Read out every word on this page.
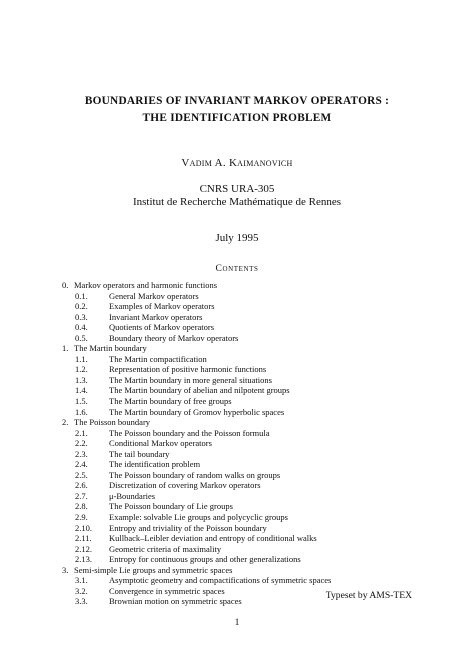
BOUNDARIES OF INVARIANT MARKOV OPERATORS :
THE IDENTIFICATION PROBLEM
Vadim A. Kaimanovich
CNRS URA-305
Institut de Recherche Mathématique de Rennes
July 1995
Contents
0. Markov operators and harmonic functions
0.1.	General Markov operators
0.2.	Examples of Markov operators
0.3.	Invariant Markov operators
0.4.	Quotients of Markov operators
0.5.	Boundary theory of Markov operators
1. The Martin boundary
1.1.	The Martin compactification
1.2.	Representation of positive harmonic functions
1.3.	The Martin boundary in more general situations
1.4.	The Martin boundary of abelian and nilpotent groups
1.5.	The Martin boundary of free groups
1.6.	The Martin boundary of Gromov hyperbolic spaces
2. The Poisson boundary
2.1.	The Poisson boundary and the Poisson formula
2.2.	Conditional Markov operators
2.3.	The tail boundary
2.4.	The identification problem
2.5.	The Poisson boundary of random walks on groups
2.6.	Discretization of covering Markov operators
2.7.	μ-Boundaries
2.8.	The Poisson boundary of Lie groups
2.9.	Example: solvable Lie groups and polycyclic groups
2.10. Entropy and triviality of the Poisson boundary
2.11. Kullback–Leibler deviation and entropy of conditional walks
2.12. Geometric criteria of maximality
2.13. Entropy for continuous groups and other generalizations
3. Semi-simple Lie groups and symmetric spaces
3.1.	Asymptotic geometry and compactifications of symmetric spaces
3.2.	Convergence in symmetric spaces
3.3.	Brownian motion on symmetric spaces
Typeset by AMS-TEX
1
